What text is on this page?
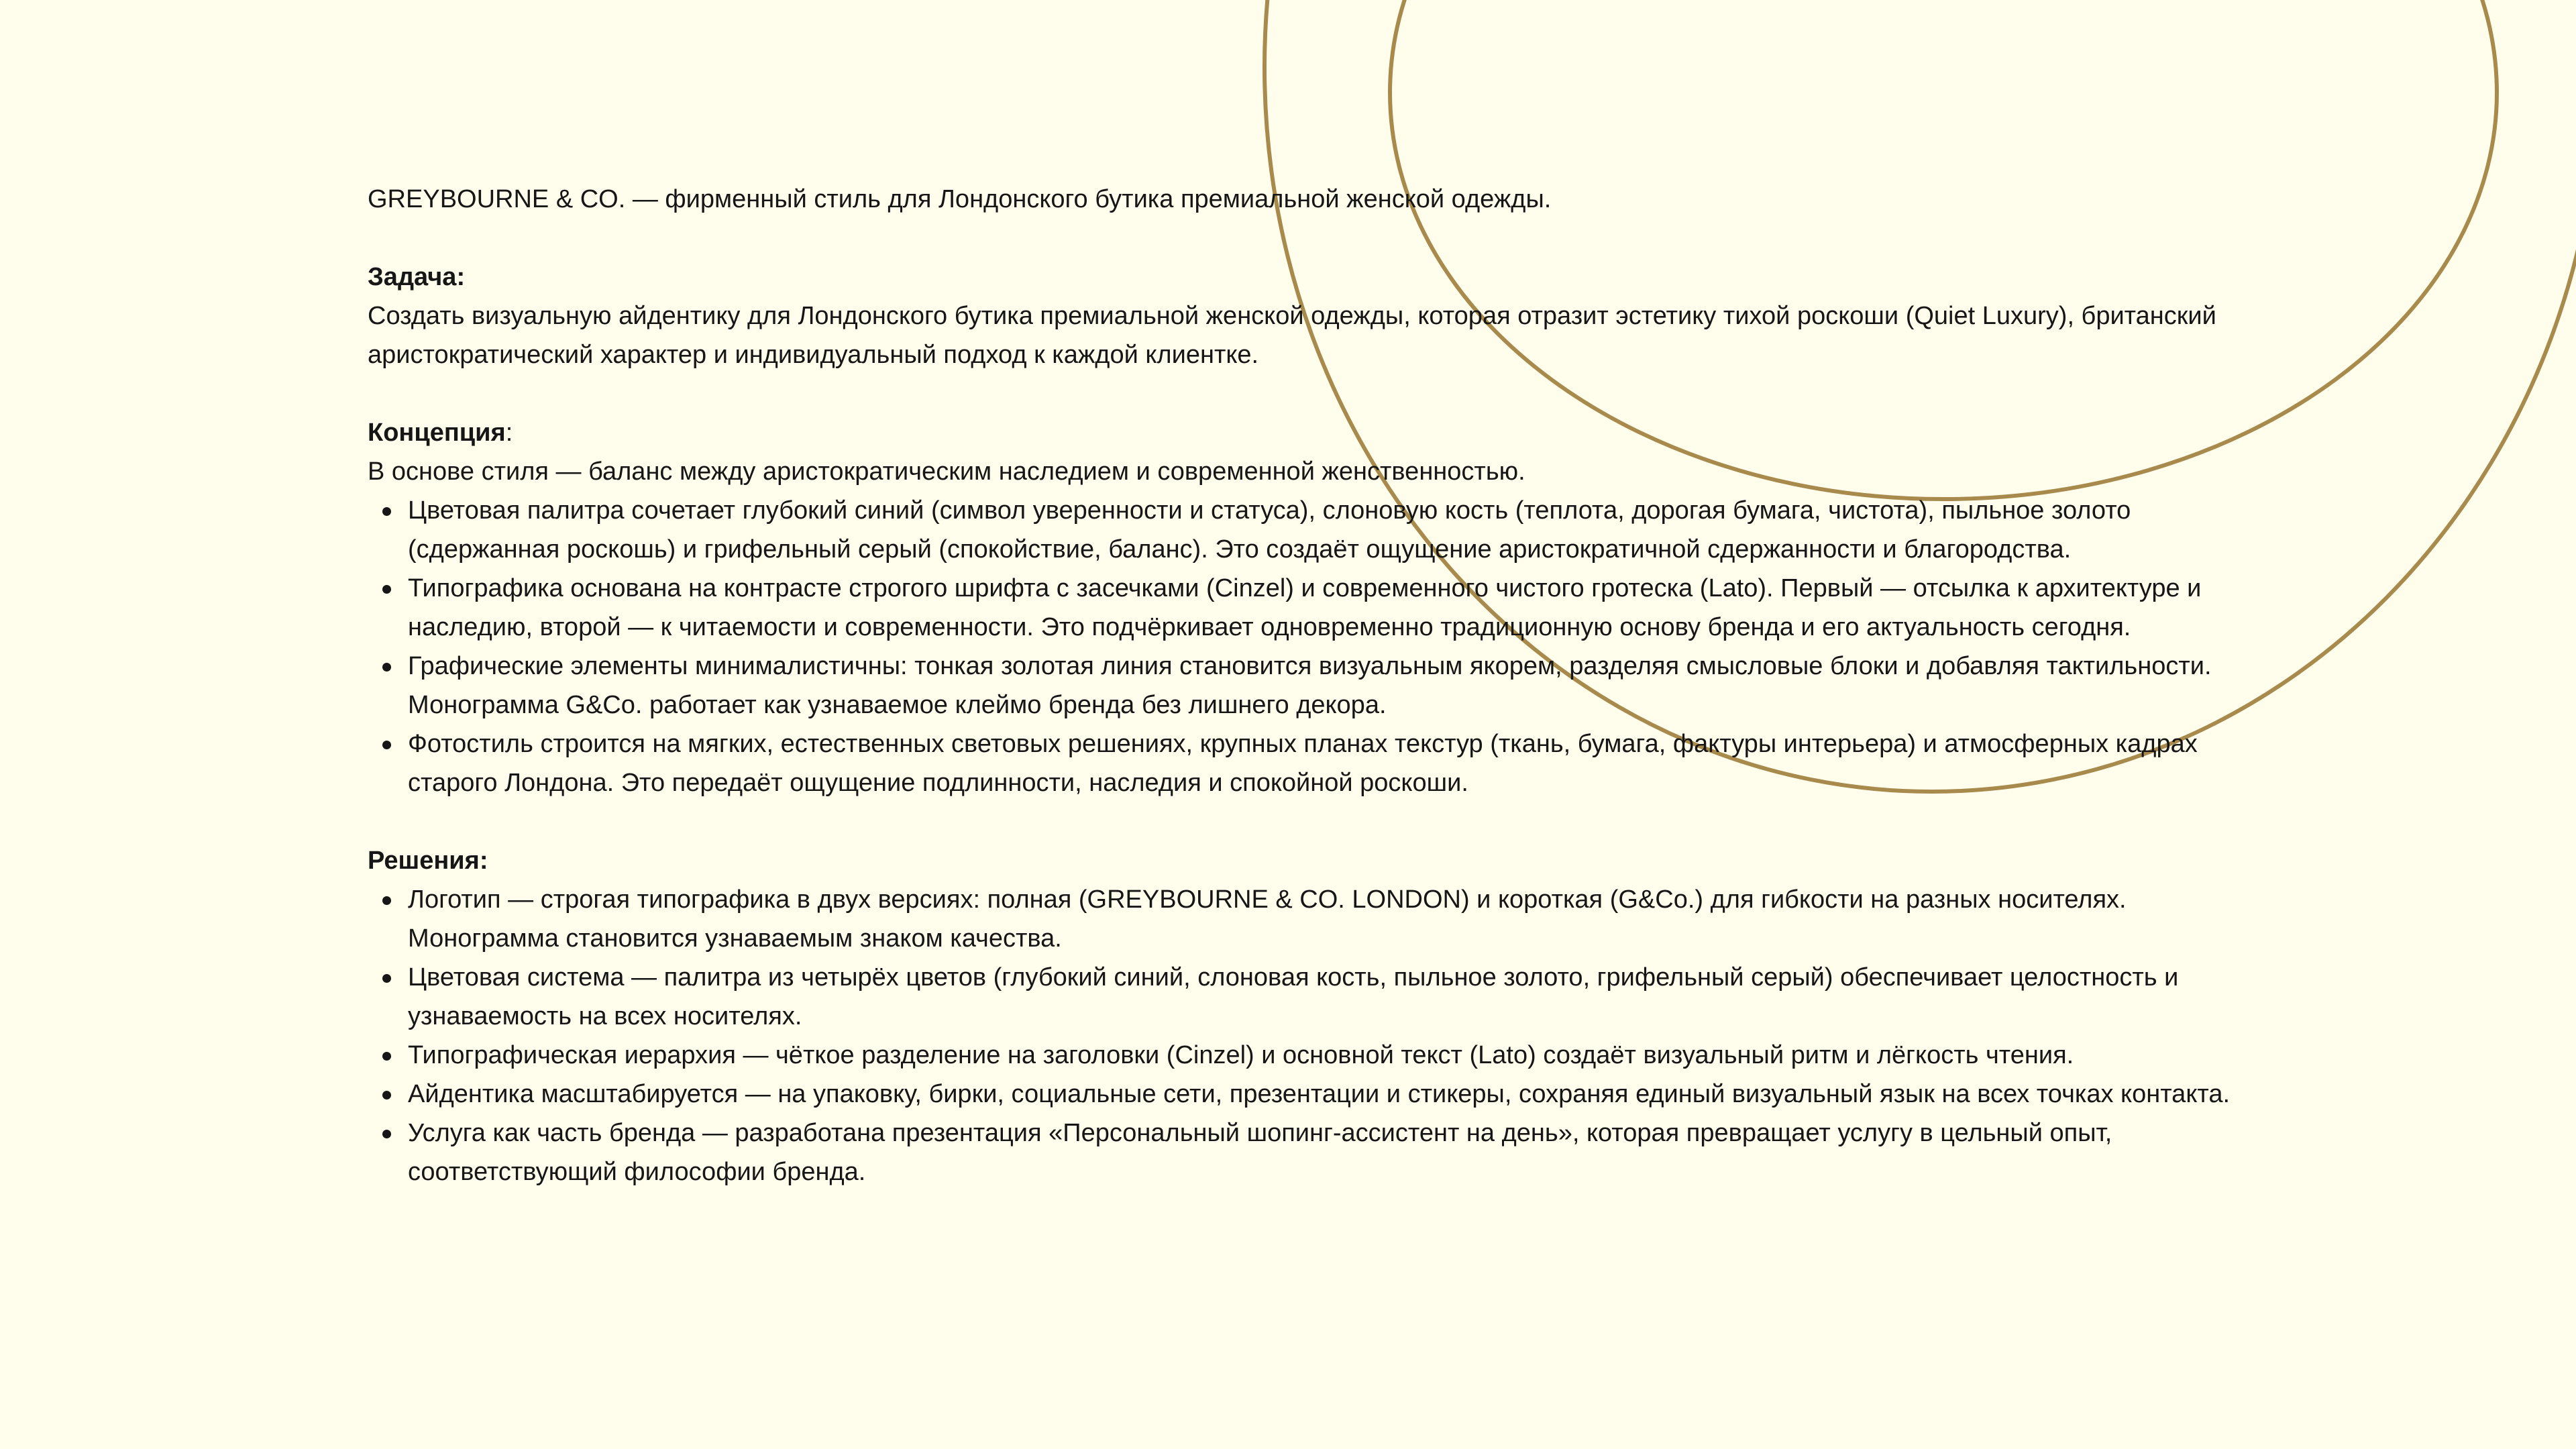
GREYBOURNE & CO. — фирменный стиль для Лондонского бутика премиальной женской одежды.

Задача:

Создать визуальную айдентику для Лондонского бутика премиальной женской одежды, которая отразит эстетику тихой роскоши (Quiet Luxury), британский аристократический характер и индивидуальный подход к каждой клиентке.

Концепция:

В основе стиля — баланс между аристократическим наследием и современной женственностью.

Цветовая палитра сочетает глубокий синий (символ уверенности и статуса), слоновую кость (теплота, дорогая бумага, чистота), пыльное золото (сдержанная роскошь) и грифельный серый (спокойствие, баланс). Это создаёт ощущение аристократичной сдержанности и благородства.
Типографика основана на контрасте строгого шрифта с засечками (Cinzel) и современного чистого гротеска (Lato). Первый — отсылка к архитектуре и наследию, второй — к читаемости и современности. Это подчёркивает одновременно традиционную основу бренда и его актуальность сегодня.
Графические элементы минималистичны: тонкая золотая линия становится визуальным якорем, разделяя смысловые блоки и добавляя тактильности. Монограмма G&Co. работает как узнаваемое клеймо бренда без лишнего декора.
Фотостиль строится на мягких, естественных световых решениях, крупных планах текстур (ткань, бумага, фактуры интерьера) и атмосферных кадрах старого Лондона. Это передаёт ощущение подлинности, наследия и спокойной роскоши.

Решения:

Логотип — строгая типографика в двух версиях: полная (GREYBOURNE & CO. LONDON) и короткая (G&Co.) для гибкости на разных носителях. Монограмма становится узнаваемым знаком качества.
Цветовая система — палитра из четырёх цветов (глубокий синий, слоновая кость, пыльное золото, грифельный серый) обеспечивает целостность и узнаваемость на всех носителях.
Типографическая иерархия — чёткое разделение на заголовки (Cinzel) и основной текст (Lato) создаёт визуальный ритм и лёгкость чтения.
Айдентика масштабируется — на упаковку, бирки, социальные сети, презентации и стикеры, сохраняя единый визуальный язык на всех точках контакта.
Услуга как часть бренда — разработана презентация «Персональный шопинг-ассистент на день», которая превращает услугу в цельный опыт, соответствующий философии бренда.
